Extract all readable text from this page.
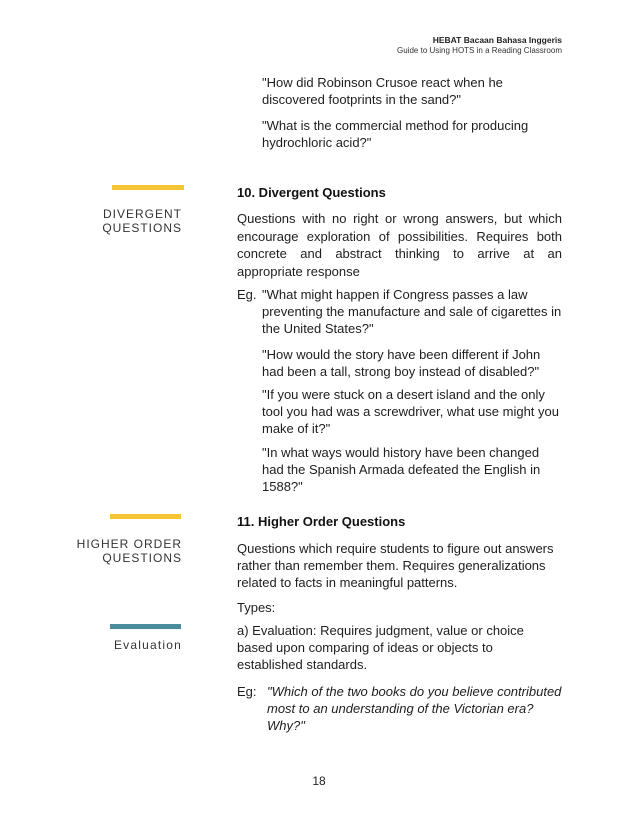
HEBAT Bacaan Bahasa Inggeris
Guide to Using HOTS in a Reading Classroom
"How did Robinson Crusoe react when he discovered footprints in the sand?"
"What is the commercial method for producing hydrochloric acid?"
DIVERGENT
QUESTIONS
10. Divergent Questions
Questions with no right or wrong answers, but which encourage exploration of possibilities. Requires both concrete and abstract thinking to arrive at an appropriate response
Eg. "What might happen if Congress passes a law preventing the manufacture and sale of cigarettes in the United States?"
"How would the story have been different if John had been a tall, strong boy instead of disabled?"
"If you were stuck on a desert island and the only tool you had was a screwdriver, what use might you make of it?"
"In what ways would history have been changed had the Spanish Armada defeated the English in 1588?"
HIGHER ORDER
QUESTIONS
11. Higher Order Questions
Questions which require students to figure out answers rather than remember them. Requires generalizations related to facts in meaningful patterns.
Types:
Evaluation
a) Evaluation: Requires judgment, value or choice based upon comparing of ideas or objects to established standards.
Eg: "Which of the two books do you believe contributed most to an understanding of the Victorian era? Why?"
18
